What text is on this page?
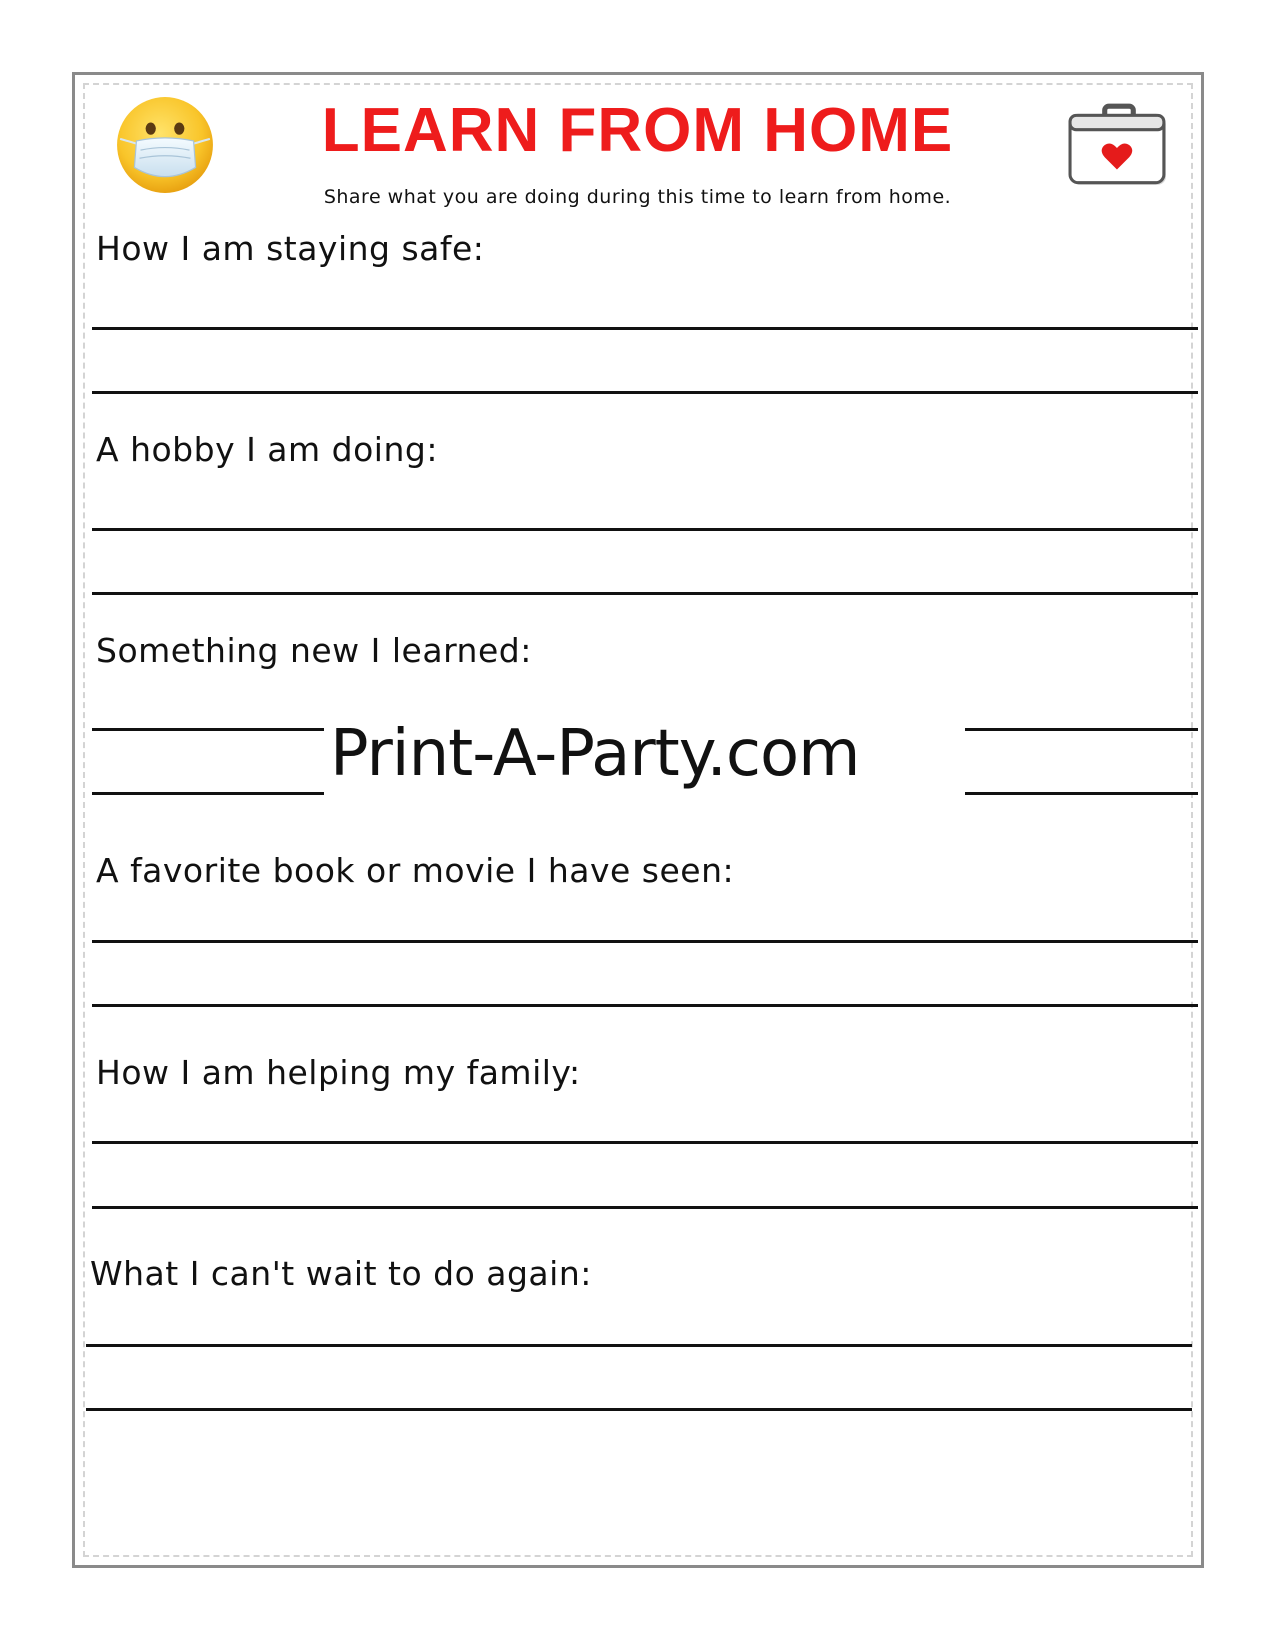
LEARN FROM HOME
Share what you are doing during this time to learn from home.
How I am staying safe:
A hobby I am doing:
Something new I learned:
Print-A-Party.com
A favorite book or movie I have seen:
How I am helping my family:
What I can't wait to do again:
